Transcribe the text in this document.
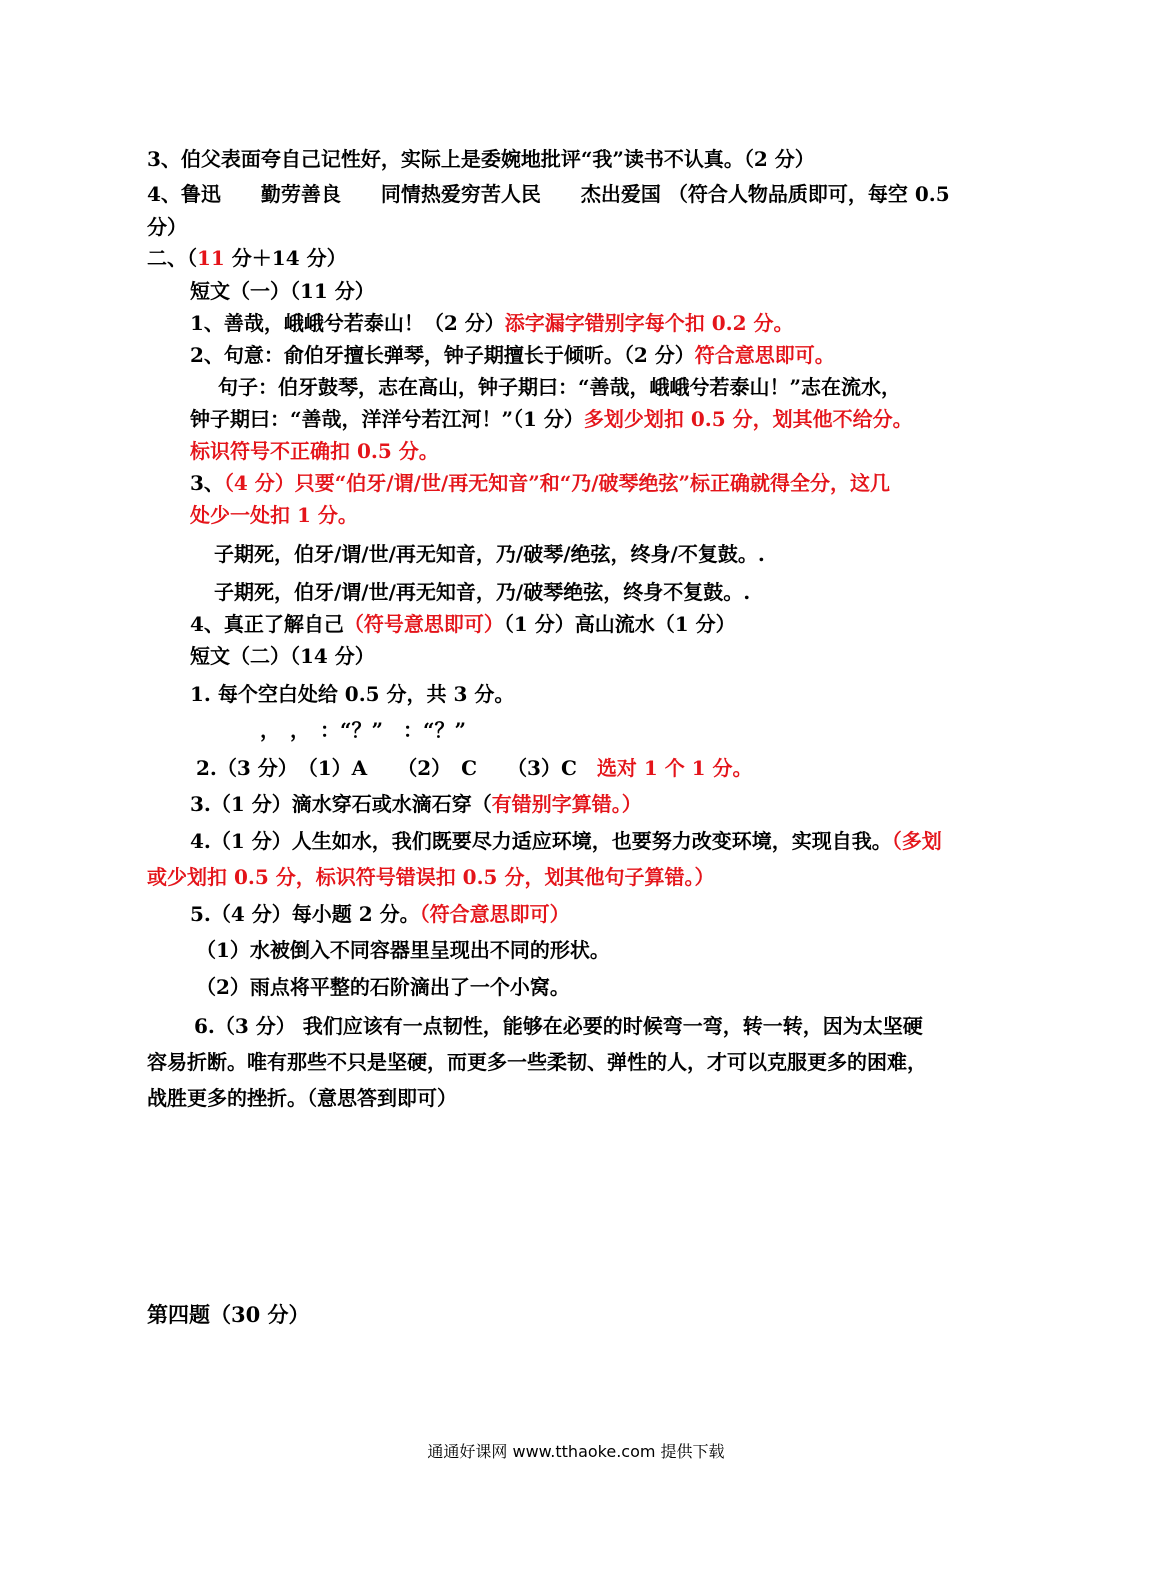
3、伯父表面夸自己记性好，实际上是委婉地批评“我”读书不认真。（2 分）
4、鲁迅　　勤劳善良　　同情热爱穷苦人民　　杰出爱国 （符合人物品质即可，每空 0.5
分）
二、（11 分＋14 分）
短文（一）（11 分）
1、善哉，峨峨兮若泰山！（2 分）添字漏字错别字每个扣 0.2 分。
2、句意：俞伯牙擅长弹琴，钟子期擅长于倾听。（2 分）符合意思即可。
句子：伯牙鼓琴，志在高山，钟子期曰：“善哉，峨峨兮若泰山！”志在流水，
钟子期曰：“善哉，洋洋兮若江河！”（1 分）多划少划扣 0.5 分，划其他不给分。
标识符号不正确扣 0.5 分。
3、（4 分）只要“伯牙/谓/世/再无知音”和“乃/破琴绝弦”标正确就得全分，这几
处少一处扣 1 分。
子期死，伯牙/谓/世/再无知音，乃/破琴/绝弦，终身/不复鼓。.
子期死，伯牙/谓/世/再无知音，乃/破琴绝弦，终身不复鼓。.
4、真正了解自己（符号意思即可）（1 分）高山流水（1 分）
短文（二）（14 分）
1. 每个空白处给 0.5 分，共 3 分。
，　，　：“？”　：“？”
2.（3 分）　（1）A　　（2）　C　　（3）C 选对 1 个 1 分。
3.（1 分）滴水穿石或水滴石穿（有错别字算错。）
4.（1 分）人生如水，我们既要尽力适应环境，也要努力改变环境，实现自我。（多划
或少划扣 0.5 分，标识符号错误扣 0.5 分，划其他句子算错。）
5.（4 分）每小题 2 分。（符合意思即可）
（1）水被倒入不同容器里呈现出不同的形状。
（2）雨点将平整的石阶滴出了一个小窝。
6.（3 分） 我们应该有一点韧性，能够在必要的时候弯一弯，转一转，因为太坚硬
容易折断。唯有那些不只是坚硬，而更多一些柔韧、弹性的人，才可以克服更多的困难，
战胜更多的挫折。（意思答到即可）
第四题（30 分）
通通好课网 www.tthaoke.com 提供下载
